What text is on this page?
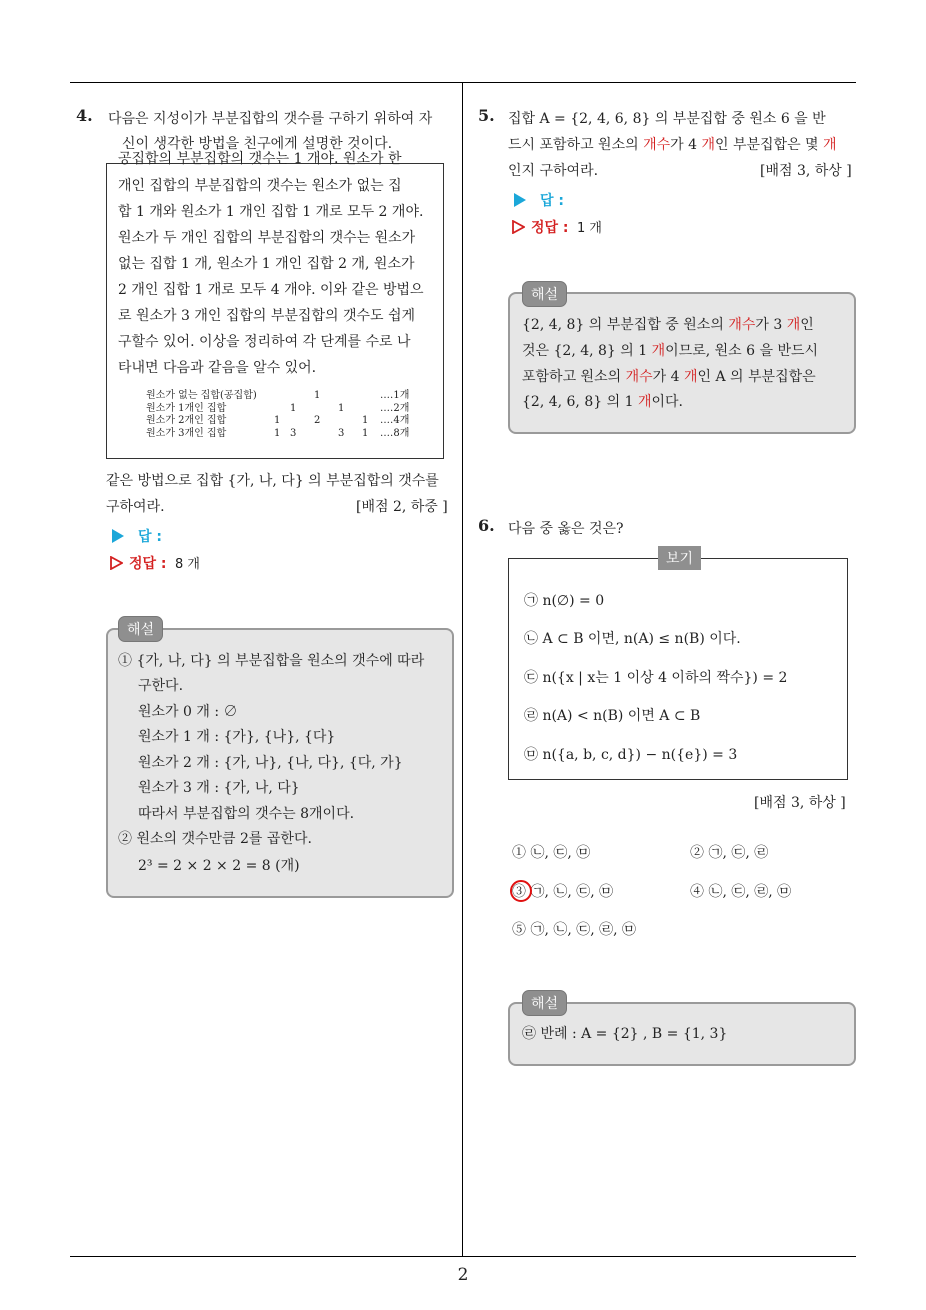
2
4. 다음은 지성이가 부분집합의 갯수를 구하기 위하여 자
신이 생각한 방법을 친구에게 설명한 것이다.
공집합의 부분집합의 갯수는 1 개야. 원소가 한
개인 집합의 부분집합의 갯수는 원소가 없는 집
합 1 개와 원소가 1 개인 집합 1 개로 모두 2 개야.
원소가 두 개인 집합의 부분집합의 갯수는 원소가
없는 집합 1 개, 원소가 1 개인 집합 2 개, 원소가
2 개인 집합 1 개로 모두 4 개야. 이와 같은 방법으
로 원소가 3 개인 집합의 부분집합의 갯수도 쉽게
구할수 있어. 이상을 정리하여 각 단계를 수로 나
타내면 다음과 같음을 알수 있어.
원소가 없는 집합(공집합)			1			‥‥1개
원소가 1개인 집합		1		1		‥‥2개
원소가 2개인 집합	1		2		1	‥‥4개
원소가 3개인 집합	1	3		3	1	‥‥8개
같은 방법으로 집합 {가, 나, 다} 의 부분집합의 갯수를
구하여라.	[배점 2, 하중 ]
답 :
정답 : 8 개
해설
① {가, 나, 다} 의 부분집합을 원소의 갯수에 따라
구한다.
원소가 0 개 : ∅
원소가 1 개 : {가}, {나}, {다}
원소가 2 개 : {가, 나}, {나, 다}, {다, 가}
원소가 3 개 : {가, 나, 다}
따라서 부분집합의 갯수는 8개이다.
② 원소의 갯수만큼 2를 곱한다.
2³ = 2 × 2 × 2 = 8 (개)
5. 집합 A = {2, 4, 6, 8} 의 부분집합 중 원소 6 을 반
드시 포함하고 원소의 개수가 4 개인 부분집합은 몇 개
인지 구하여라.	[배점 3, 하상 ]
답 :
정답 : 1 개
해설
{2, 4, 8} 의 부분집합 중 원소의 개수가 3 개인
것은 {2, 4, 8} 의 1 개이므로, 원소 6 을 반드시
포함하고 원소의 개수가 4 개인 A 의 부분집합은
{2, 4, 6, 8} 의 1 개이다.
6. 다음 중 옳은 것은?
보기
㉠ n(∅) = 0
㉡ A ⊂ B 이면, n(A) ≤ n(B) 이다.
㉢ n({x | x는 1 이상 4 이하의 짝수}) = 2
㉣ n(A) < n(B) 이면 A ⊂ B
㉤ n({a, b, c, d}) − n({e}) = 3
[배점 3, 하상 ]
① ㉡, ㉢, ㉤	② ㉠, ㉢, ㉣
③ ㉠, ㉡, ㉢, ㉤	④ ㉡, ㉢, ㉣, ㉤
⑤ ㉠, ㉡, ㉢, ㉣, ㉤
해설
㉣ 반례 : A = {2} , B = {1, 3}
